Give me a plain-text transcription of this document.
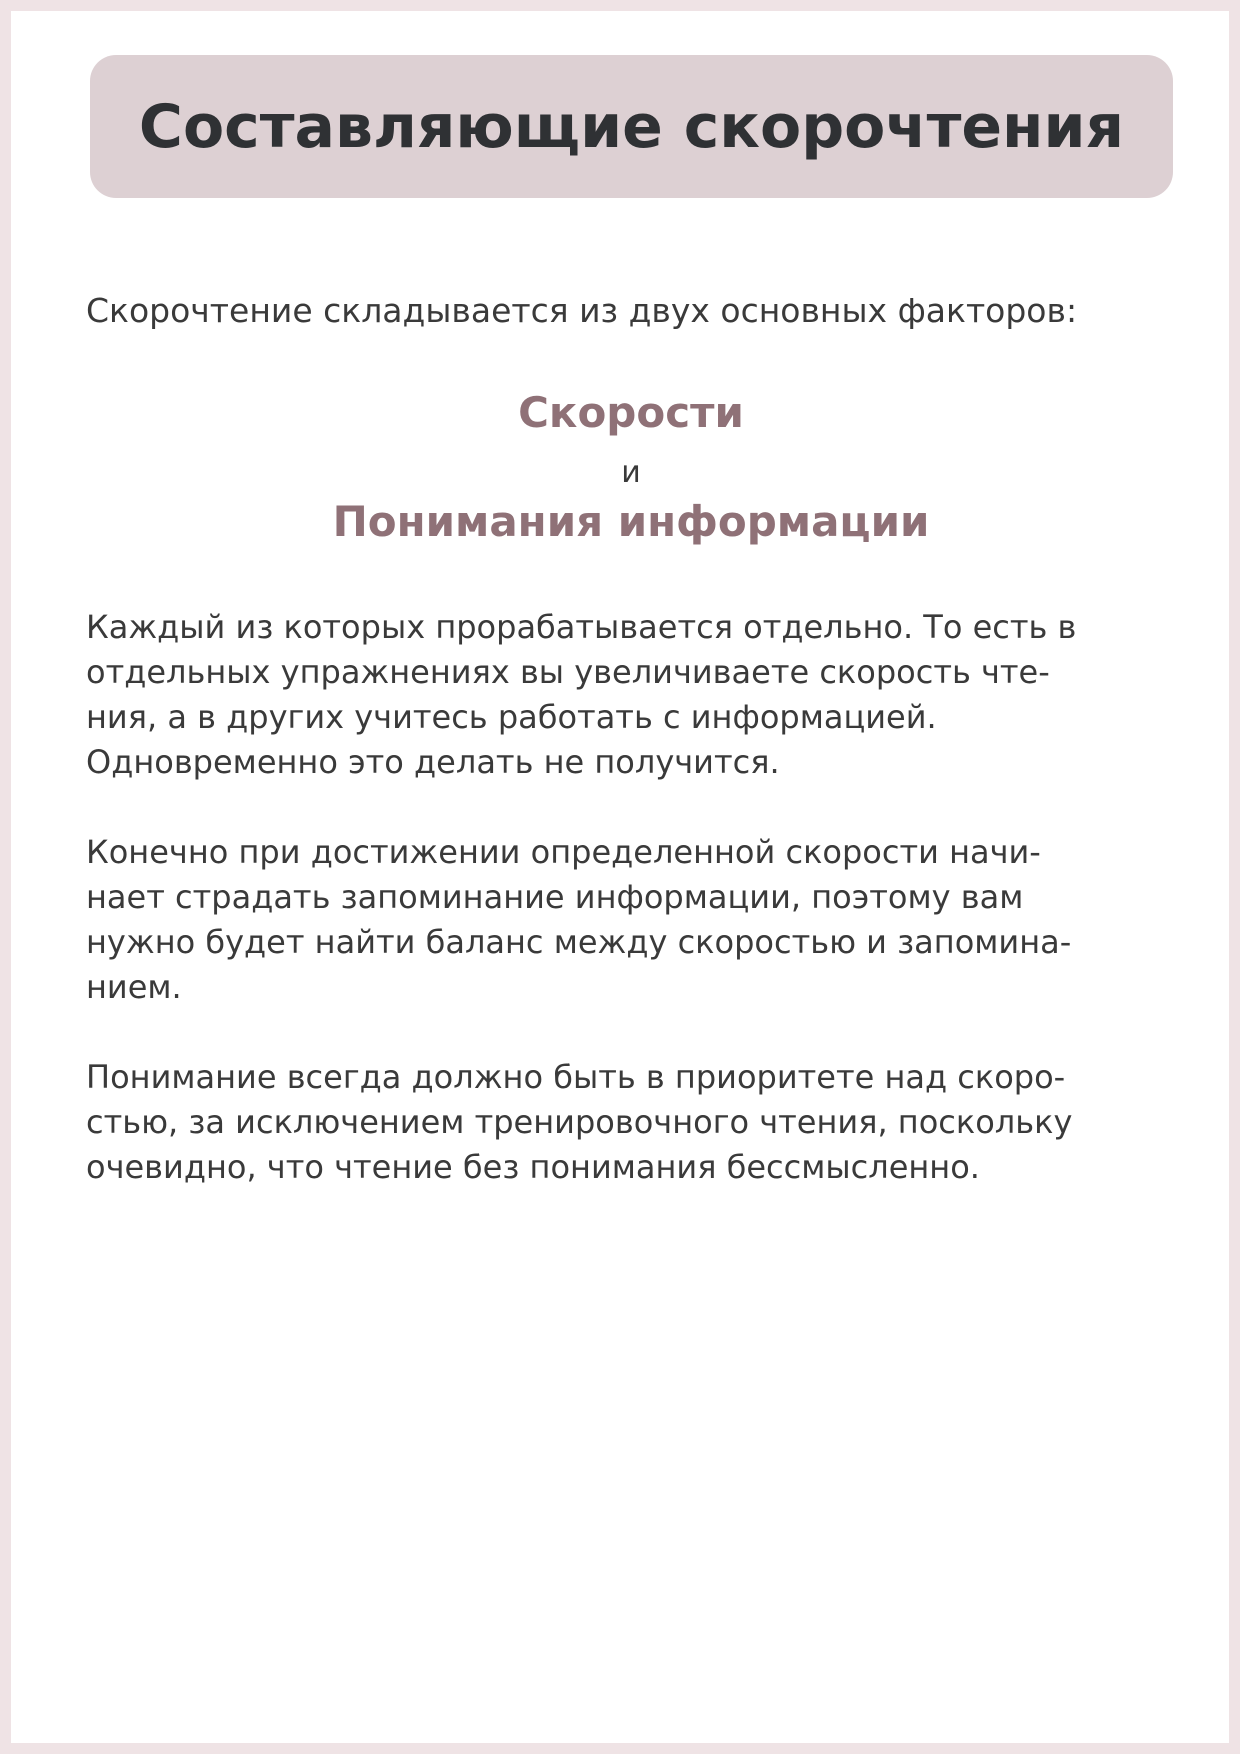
Составляющие скорочтения

Скорочтение складывается из двух основных факторов:

Скорости

и

Понимания информации

Каждый из которых прорабатывается отдельно. То есть в
отдельных упражнениях вы увеличиваете скорость чте-
ния, а в других учитесь работать с информацией.
Одновременно это делать не получится.

Конечно при достижении определенной скорости начи-
нает страдать запоминание информации, поэтому вам
нужно будет найти баланс между скоростью и запомина-
нием.

Понимание всегда должно быть в приоритете над скоро-
стью, за исключением тренировочного чтения, поскольку
очевидно, что чтение без понимания бессмысленно.
